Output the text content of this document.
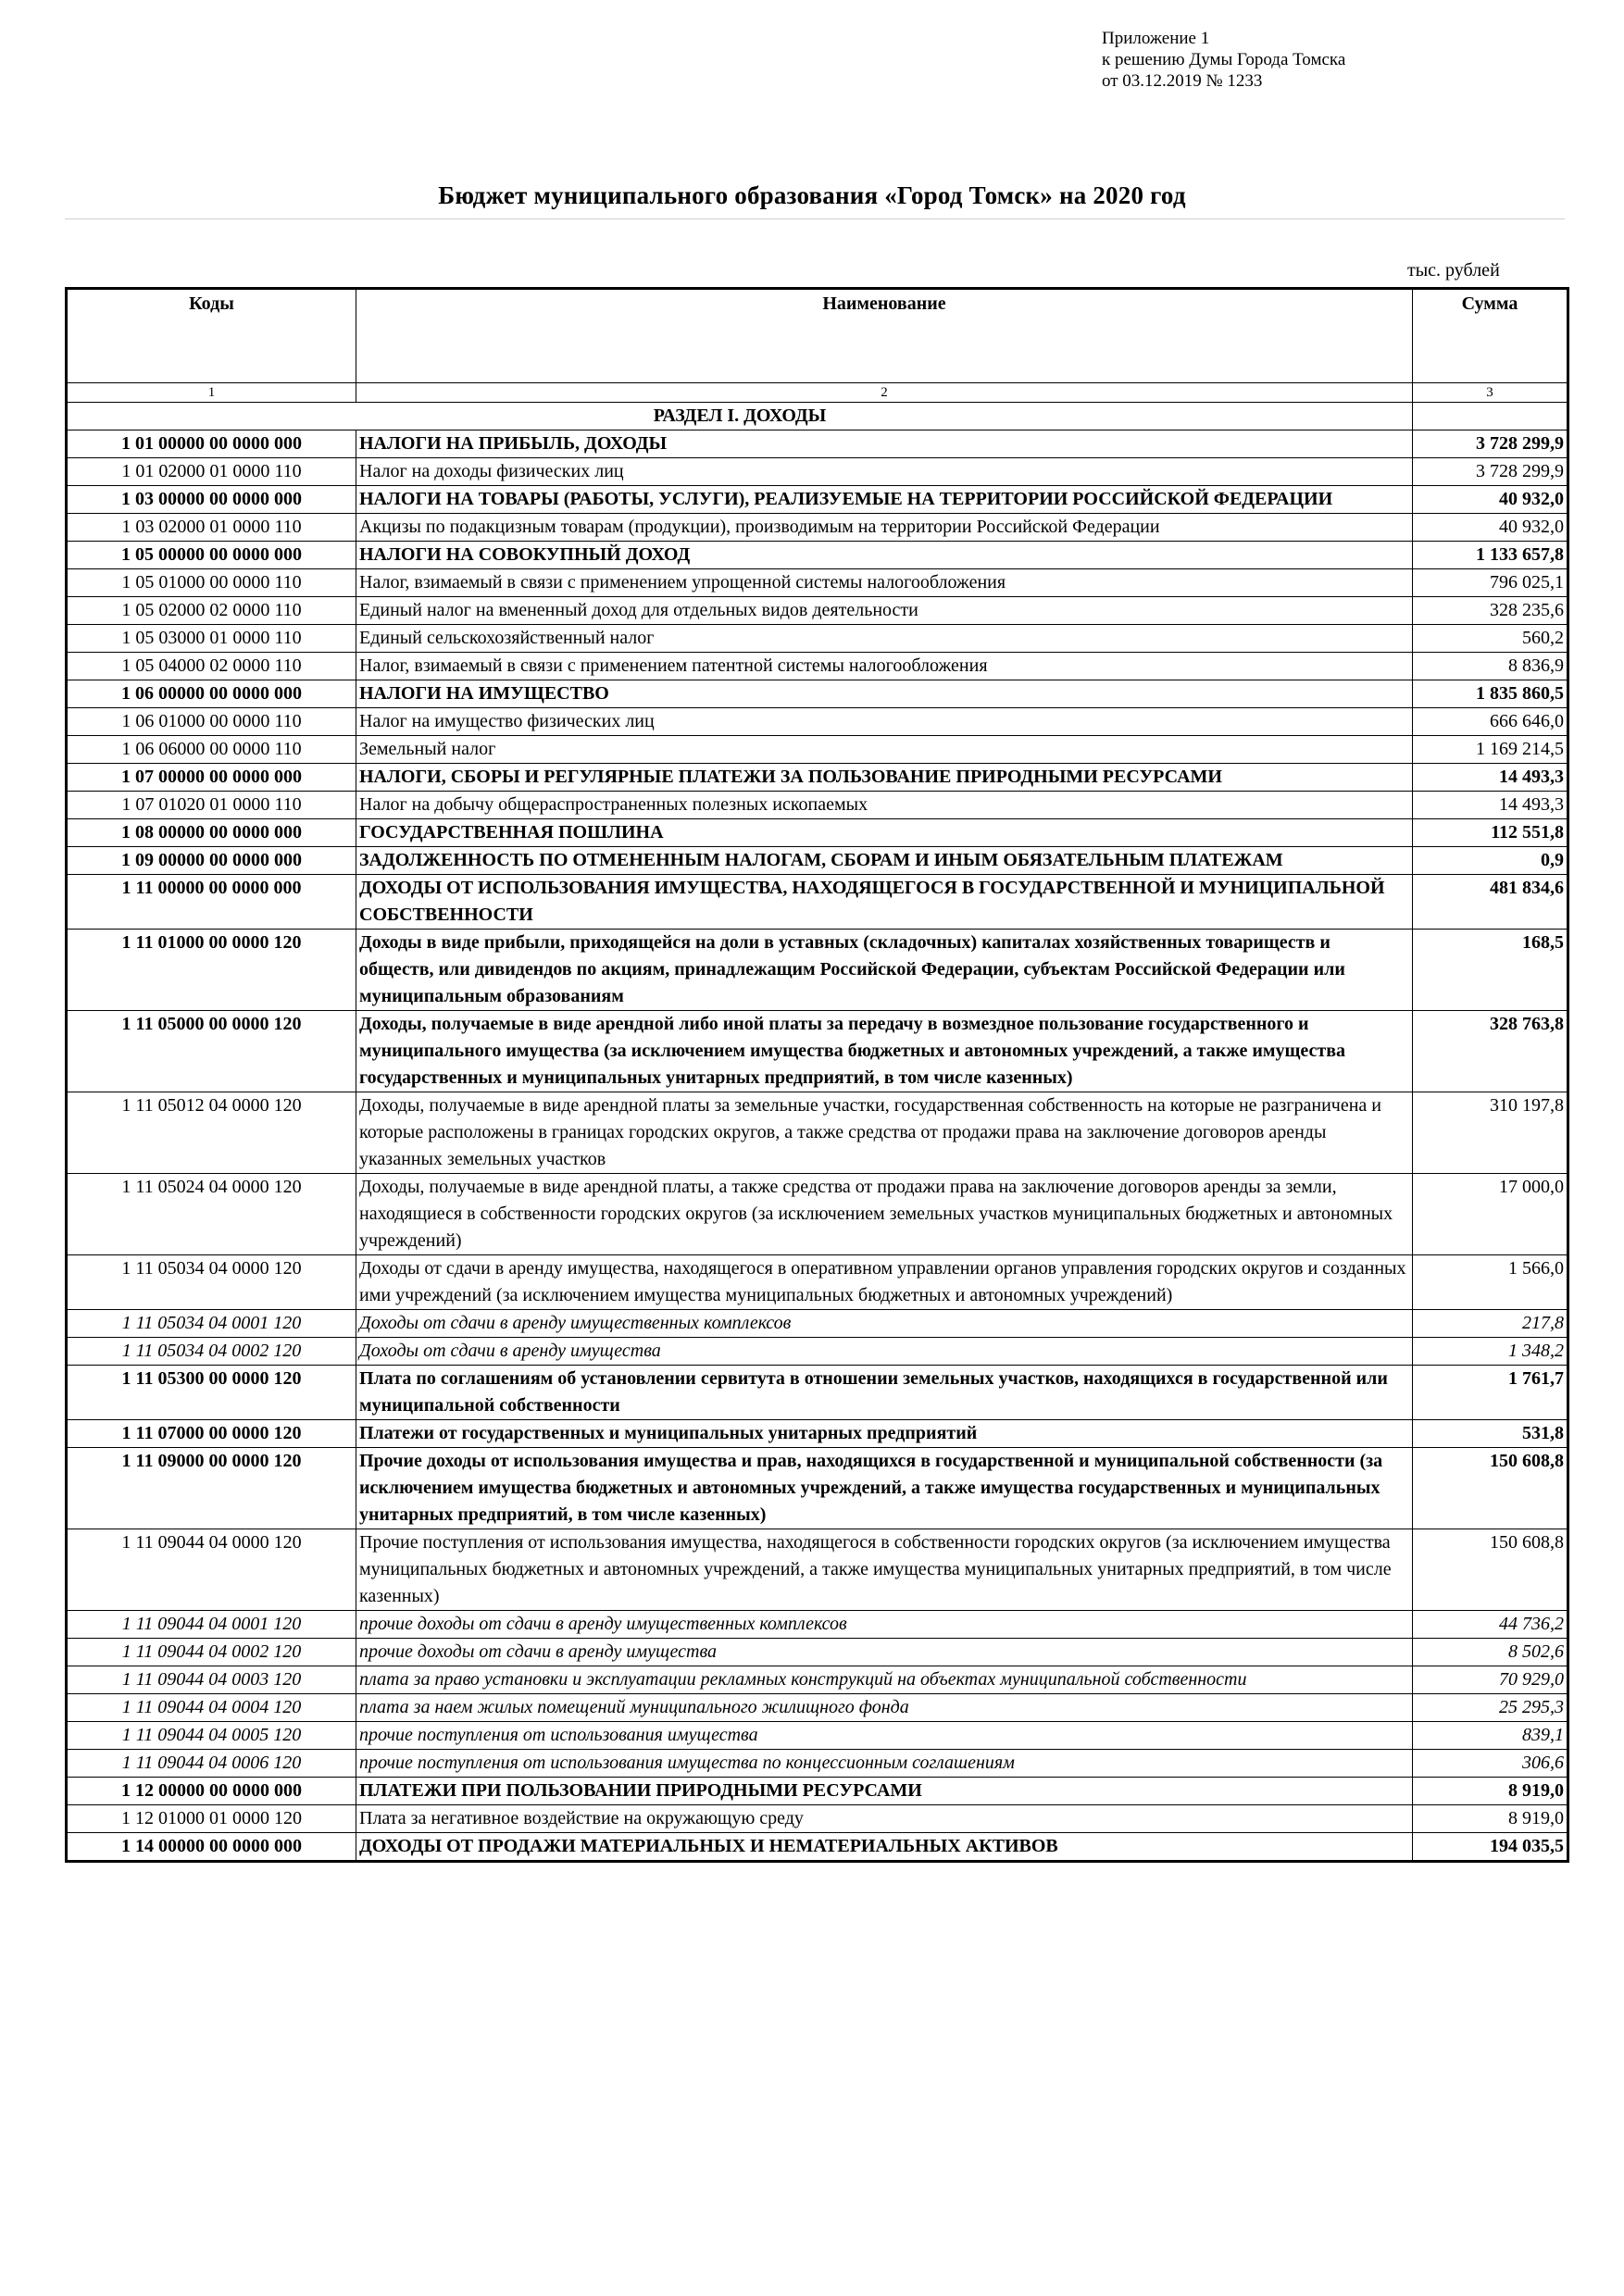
Приложение 1
к решению Думы Города Томска
от 03.12.2019 № 1233
Бюджет муниципального образования «Город Томск» на 2020 год
тыс. рублей
Коды	Наименование	Сумма
1	2	3
РАЗДЕЛ I. ДОХОДЫ		
1 01 00000 00 0000 000	НАЛОГИ НА ПРИБЫЛЬ, ДОХОДЫ	3 728 299,9
1 01 02000 01 0000 110	Налог на доходы физических лиц	3 728 299,9
1 03 00000 00 0000 000	НАЛОГИ НА ТОВАРЫ (РАБОТЫ, УСЛУГИ), РЕАЛИЗУЕМЫЕ НА ТЕРРИТОРИИ РОССИЙСКОЙ ФЕДЕРАЦИИ	40 932,0
1 03 02000 01 0000 110	Акцизы по подакцизным товарам (продукции), производимым на территории Российской Федерации	40 932,0
1 05 00000 00 0000 000	НАЛОГИ НА СОВОКУПНЫЙ ДОХОД	1 133 657,8
1 05 01000 00 0000 110	Налог, взимаемый в связи с применением упрощенной системы налогообложения	796 025,1
1 05 02000 02 0000 110	Единый налог на вмененный доход для отдельных видов деятельности	328 235,6
1 05 03000 01 0000 110	Единый сельскохозяйственный налог	560,2
1 05 04000 02 0000 110	Налог, взимаемый в связи с применением патентной системы налогообложения	8 836,9
1 06 00000 00 0000 000	НАЛОГИ НА ИМУЩЕСТВО	1 835 860,5
1 06 01000 00 0000 110	Налог на имущество физических лиц	666 646,0
1 06 06000 00 0000 110	Земельный налог	1 169 214,5
1 07 00000 00 0000 000	НАЛОГИ, СБОРЫ И РЕГУЛЯРНЫЕ ПЛАТЕЖИ ЗА ПОЛЬЗОВАНИЕ ПРИРОДНЫМИ РЕСУРСАМИ	14 493,3
1 07 01020 01 0000 110	Налог на добычу общераспространенных полезных ископаемых	14 493,3
1 08 00000 00 0000 000	ГОСУДАРСТВЕННАЯ ПОШЛИНА	112 551,8
1 09 00000 00 0000 000	ЗАДОЛЖЕННОСТЬ ПО ОТМЕНЕННЫМ НАЛОГАМ, СБОРАМ И ИНЫМ ОБЯЗАТЕЛЬНЫМ ПЛАТЕЖАМ	0,9
1 11 00000 00 0000 000	ДОХОДЫ ОТ ИСПОЛЬЗОВАНИЯ ИМУЩЕСТВА, НАХОДЯЩЕГОСЯ В ГОСУДАРСТВЕННОЙ И МУНИЦИПАЛЬНОЙ СОБСТВЕННОСТИ	481 834,6
1 11 01000 00 0000 120	Доходы в виде прибыли, приходящейся на доли в уставных (складочных) капиталах хозяйственных товариществ и обществ, или дивидендов по акциям, принадлежащим Российской Федерации, субъектам Российской Федерации или муниципальным образованиям	168,5
1 11 05000 00 0000 120	Доходы, получаемые в виде арендной либо иной платы за передачу в возмездное пользование государственного и муниципального имущества (за исключением имущества бюджетных и автономных учреждений, а также имущества государственных и муниципальных унитарных предприятий, в том числе казенных)	328 763,8
1 11 05012 04 0000 120	Доходы, получаемые в виде арендной платы за земельные участки, государственная собственность на которые не разграничена и которые расположены в границах городских округов, а также средства от продажи права на заключение договоров аренды указанных земельных участков	310 197,8
1 11 05024 04 0000 120	Доходы, получаемые в виде арендной платы, а также средства от продажи права на заключение договоров аренды за земли, находящиеся в собственности городских округов (за исключением земельных участков муниципальных бюджетных и автономных учреждений)	17 000,0
1 11 05034 04 0000 120	Доходы от сдачи в аренду имущества, находящегося в оперативном управлении органов управления городских округов и созданных ими учреждений (за исключением имущества муниципальных бюджетных и автономных учреждений)	1 566,0
1 11 05034 04 0001 120	Доходы от сдачи в аренду имущественных комплексов	217,8
1 11 05034 04 0002 120	Доходы от сдачи в аренду имущества	1 348,2
1 11 05300 00 0000 120	Плата по соглашениям об установлении сервитута в отношении земельных участков, находящихся в государственной или муниципальной собственности	1 761,7
1 11 07000 00 0000 120	Платежи от государственных и муниципальных унитарных предприятий	531,8
1 11 09000 00 0000 120	Прочие доходы от использования имущества и прав, находящихся в государственной и муниципальной собственности (за исключением имущества бюджетных и автономных учреждений, а также имущества государственных и муниципальных унитарных предприятий, в том числе казенных)	150 608,8
1 11 09044 04 0000 120	Прочие поступления от использования имущества, находящегося в собственности городских округов (за исключением имущества муниципальных бюджетных и автономных учреждений, а также имущества муниципальных унитарных предприятий, в том числе казенных)	150 608,8
1 11 09044 04 0001 120	прочие доходы от сдачи в аренду имущественных комплексов	44 736,2
1 11 09044 04 0002 120	прочие доходы от сдачи в аренду имущества	8 502,6
1 11 09044 04 0003 120	плата за право установки и эксплуатации рекламных конструкций на объектах муниципальной собственности	70 929,0
1 11 09044 04 0004 120	плата за наем жилых помещений муниципального жилищного фонда	25 295,3
1 11 09044 04 0005 120	прочие поступления от использования имущества	839,1
1 11 09044 04 0006 120	прочие поступления от использования имущества по концессионным соглашениям	306,6
1 12 00000 00 0000 000	ПЛАТЕЖИ ПРИ ПОЛЬЗОВАНИИ ПРИРОДНЫМИ РЕСУРСАМИ	8 919,0
1 12 01000 01 0000 120	Плата за негативное воздействие на окружающую среду	8 919,0
1 14 00000 00 0000 000	ДОХОДЫ ОТ ПРОДАЖИ МАТЕРИАЛЬНЫХ И НЕМАТЕРИАЛЬНЫХ АКТИВОВ	194 035,5
